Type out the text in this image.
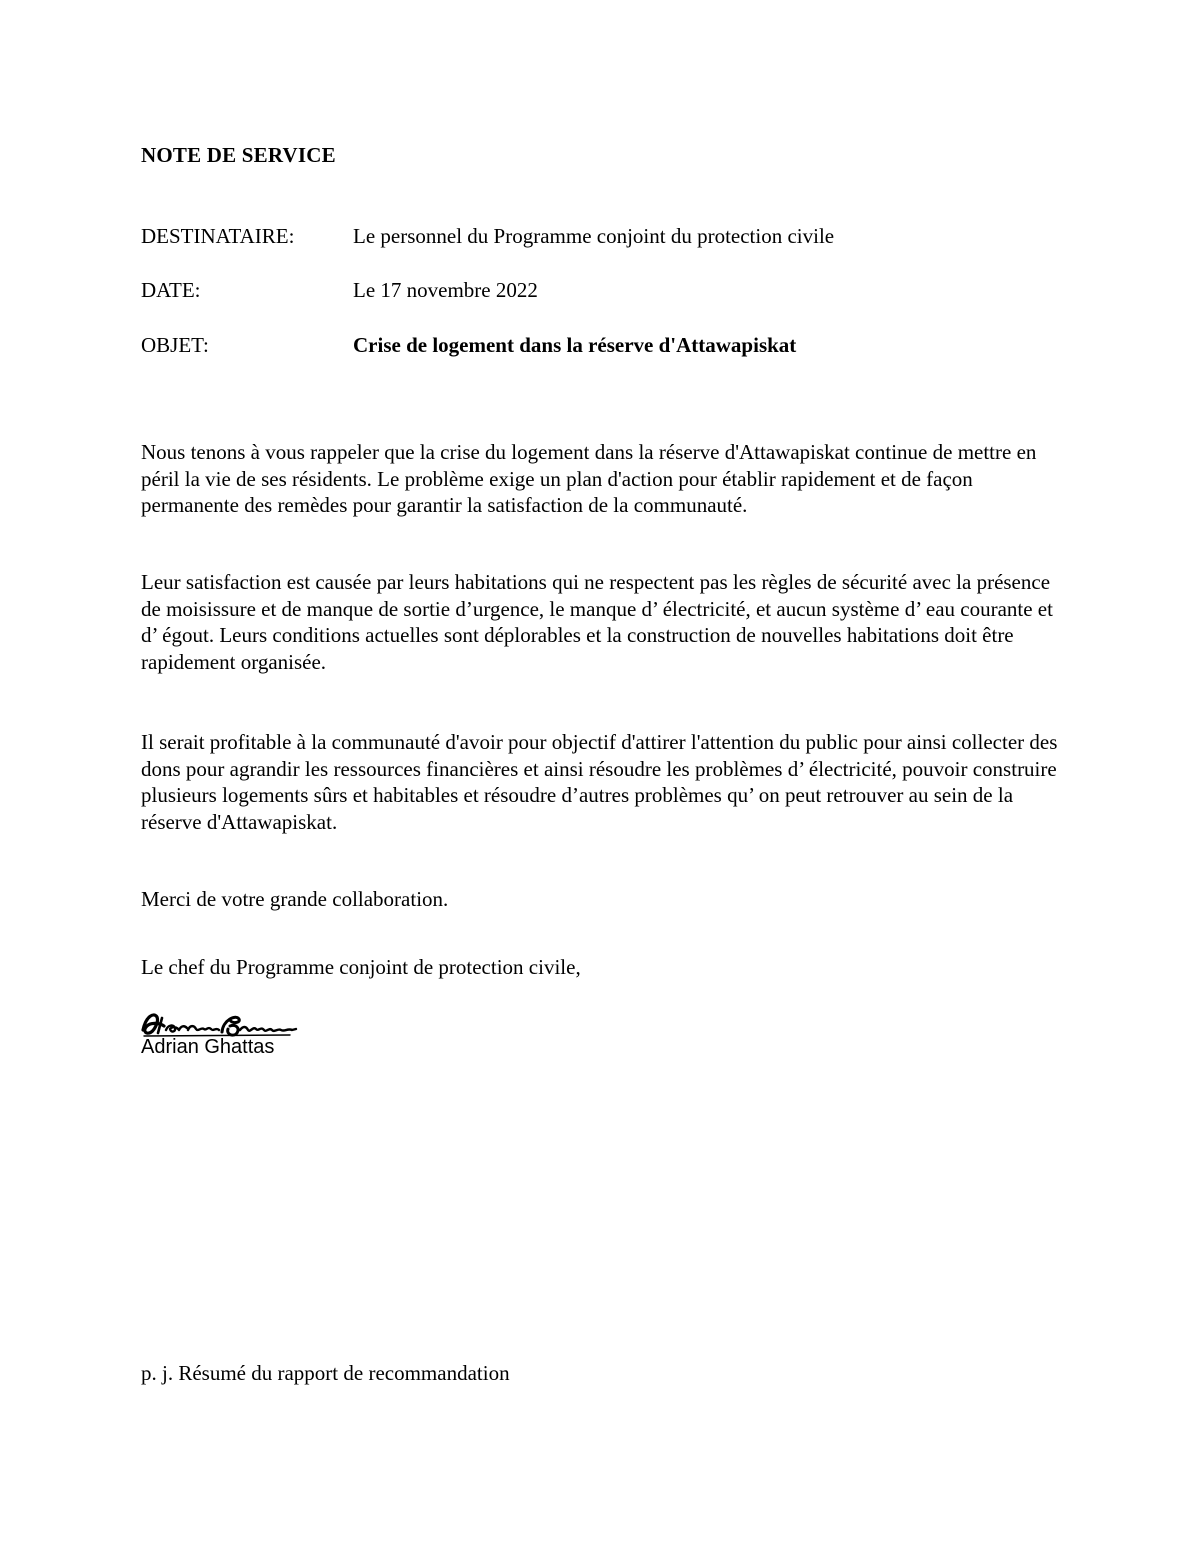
NOTE DE SERVICE
DESTINATAIRE:	Le personnel du Programme conjoint du protection civile
DATE:	Le 17 novembre 2022
OBJET:	Crise de logement dans la réserve d'Attawapiskat

Nous tenons à vous rappeler que la crise du logement dans la réserve d'Attawapiskat continue de mettre en péril la vie de ses résidents. Le problème exige un plan d'action pour établir rapidement et de façon permanente des remèdes pour garantir la satisfaction de la communauté.

Leur satisfaction est causée par leurs habitations qui ne respectent pas les règles de sécurité avec la présence de moisissure et de manque de sortie d’urgence, le manque d’ électricité, et aucun système d’ eau courante et d’ égout. Leurs conditions actuelles sont déplorables et la construction de nouvelles habitations doit être rapidement organisée.

Il serait profitable à la communauté d'avoir pour objectif d'attirer l'attention du public pour ainsi collecter des dons pour agrandir les ressources financières et ainsi résoudre les problèmes d’ électricité, pouvoir construire plusieurs logements sûrs et habitables et résoudre d’autres problèmes qu’ on peut retrouver au sein de la réserve d'Attawapiskat.

Merci de votre grande collaboration.

Le chef du Programme conjoint de protection civile,

Adrian Ghattas

p. j. Résumé du rapport de recommandation
